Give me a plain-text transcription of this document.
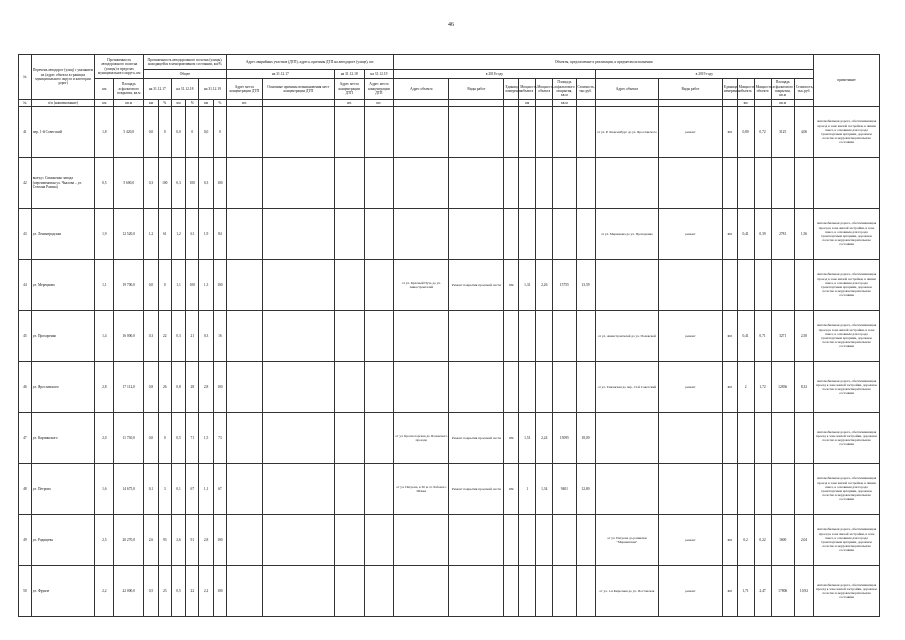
46
№	Перечень автодорог (улиц) с указанием их (адрес объекта в границах муниципального округа и категории дорог)	Протяженность автодорожного полотна (улицы) в пределах муниципального округа, км		Протяженность автодорожного полотна (улицы), находящейся в ненормативном состоянии, км/%						Адрес аварийных участков (ДТП), адреса, причины ДТП на автодороге (улице), шт.				Объекты, предлагаемые к реализации, к предметам исполнения														примечание
				Общее						на 31.12.17		на 31.12.18	на 31.12.19	в 2018 году							в 2019 году							
		км	Площадь асфальтового покрытия, кв.м	на 31.12.17		на 31.12.18		на 31.12.19		Адрес места концентрации ДТП	Основные причины возникновения мест концентрации ДТП	Адрес места концентрации ДТП	Адрес места концентрации ДТП	Адрес объекта	Виды работ	Единица измерения	Мощность объекта	Мощность объекта	Площадь асфальтового покрытия, кв.м	Стоимость, тыс.руб.	Адрес объекта	Виды работ	Единица измерения	Мощность объекта	Мощность объекта	Площадь асфальтового покрытия, кв.м	Стоимость, тыс.руб.	
№	п/п (наименование)	км	кв.м	км	%	км	%	км	%	шт.		шт.	шт.				км		кв.м					км		кв.м		
41	пер. 1-й Советский	1,8	5 420,0	0,0	0	0,0	0	0,0	0												от ул. Р. Люксембург до ул. Ярославского	ремонт	км	0,80	0,72	3125	4,06	Автомобильная дорога, обеспечивающая проезд к зоне жилой застройки, к линии школ, к основным для города транспортным артериям, дорожное полотно в неудовлетворительном состоянии
42	выезд с Симоненко завода (переименован ул. Чкалова – ул. Степана Разина)	0,5	5 600,0	0,3	100	0,3	100	0,3	100																			
43	ул. Ленинградская	1,9	12 520,0	1,2	61	1,2	61	1,9	84												от ул. Мерецкова до ул. Прохоренко	ремонт	км	0,41	0,39	2781	1,56	Автомобильная дорога, обеспечивающая проезд к зоне жилой застройки, в зоне школ, к основным для города транспортным артериям, дорожное полотно в неудовлетворительном состоянии
44	ул. Мерецкова	1,1	19 700,0	0,0	0	1,1	100	1,3	100					от ул. Красный Путь до ул. Авиастроителей	Ремонт покрытия проезжей части	км	1,31	2,26	15755	13,59								Автомобильная дорога, обеспечивающая проезд к зоне жилой застройки, к линии школ, к основным для города транспортным артериям, дорожное полотно в неудовлетворительном состоянии
45	ул. Прохоренко	1,4	16 000,0	0,3	22	0,3	21	0,3	16												от ул. Авиастроителей до ул. Полевской	ремонт	км	0,41	0,71	3271	2,50	Автомобильная дорога, обеспечивающая проезд к зоне жилой застройки, в зоне школ, к основным для города транспортным артериям, дорожное полотно в неудовлетворительном состоянии
46	ул. Ярославского	2,8	17 112,0	0,8	26	0,8	28	2,8	100												от ул. Таманская до пер. 13-й Советский	ремонт	км	2	1,72	12836	8,32	Автомобильная дорога, обеспечивающая проезд к зоне жилой застройки, дорожное полотно в неудовлетворительном состоянии
47	ул. Карпинского	2,0	11 730,0	0,0	0	0,5	71	1,5	73					от ул. Красногорская до Полевского проезда	Ремонт покрытия проезжей части	км	1,51	2,24	15095	18,00								Автомобильная дорога, обеспечивающая проезд к зоне жилой застройки, дорожное полотно в неудовлетворительном состоянии
48	ул. Петрова	1,6	14 675,0	0,1	3	0,1	67	1,1	67					от ул. Патрона, в 30 м от Лобового Шлака	Ремонт покрытия проезжей части	км	1	1,34	9401	12,80								Автомобильная дорога, обеспечивающая проезд к зоне жилой застройки, к линии школ, к основным для города транспортным артериям, дорожное полотно в неудовлетворительном состоянии
49	ул. Радищева	2,5	20 270,0	2,6	93	2,6	91	2,8	100												от ул. Патрона до развилки "Маршевская"	ремонт	км	0,2	0,22	1600	2,04	Автомобильная дорога, обеспечивающая проезд к зоне жилой застройки, в зоне школ, к основным для города транспортным артериям, дорожное полотно в неудовлетворительном состоянии
50	ул. Фрунзе	2,2	22 000,0	0,5	23	0,5	22	2,2	100												от ул. 1-я Кирочная до ул. Постовская	ремонт	км	1,71	2,47	17806	10,92	Автомобильная дорога, обеспечивающая проезд к зоне жилой застройки, дорожное полотно в неудовлетворительном состоянии
